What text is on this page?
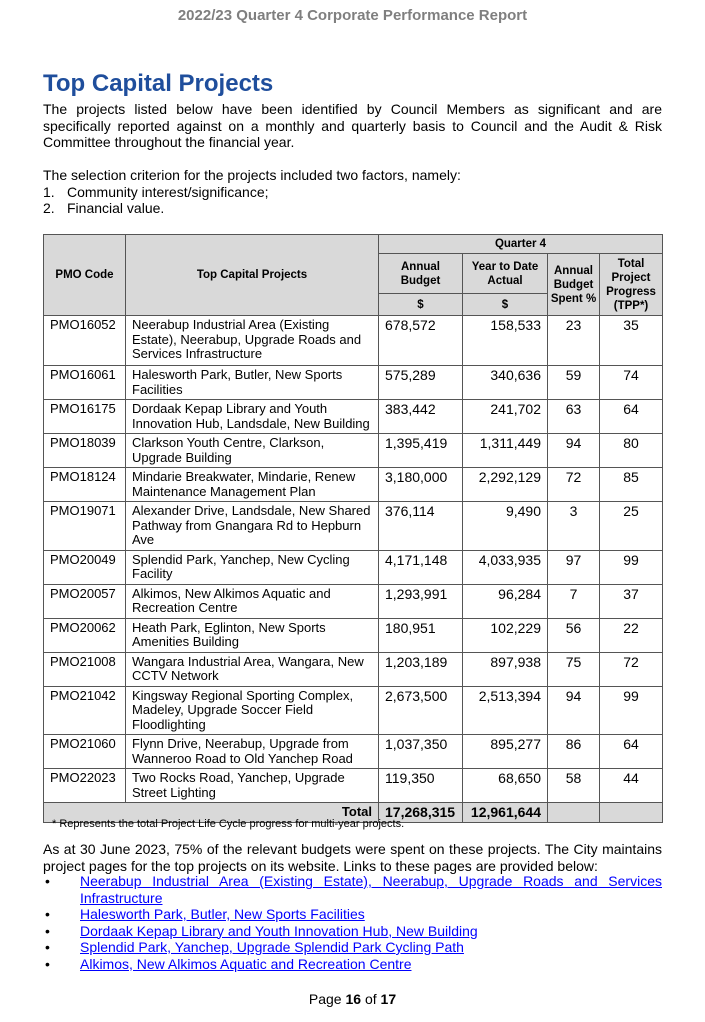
2022/23 Quarter 4 Corporate Performance Report
Top Capital Projects

The projects listed below have been identified by Council Members as significant and are specifically reported against on a monthly and quarterly basis to Council and the Audit & Risk Committee throughout the financial year.

The selection criterion for the projects included two factors, namely:

1. Community interest/significance;
2. Financial value.
PMO Code	Top Capital Projects	Quarter 4			
		Annual Budget	Year to Date Actual	Annual Budget Spent %	Total Project Progress (TPP*)
		$	$		
PMO16052	Neerabup Industrial Area (Existing Estate), Neerabup, Upgrade Roads and Services Infrastructure	678,572	158,533	23	35
PMO16061	Halesworth Park, Butler, New Sports Facilities	575,289	340,636	59	74
PMO16175	Dordaak Kepap Library and Youth Innovation Hub, Landsdale, New Building	383,442	241,702	63	64
PMO18039	Clarkson Youth Centre, Clarkson, Upgrade Building	1,395,419	1,311,449	94	80
PMO18124	Mindarie Breakwater, Mindarie, Renew Maintenance Management Plan	3,180,000	2,292,129	72	85
PMO19071	Alexander Drive, Landsdale, New Shared Pathway from Gnangara Rd to Hepburn Ave	376,114	9,490	3	25
PMO20049	Splendid Park, Yanchep, New Cycling Facility	4,171,148	4,033,935	97	99
PMO20057	Alkimos, New Alkimos Aquatic and Recreation Centre	1,293,991	96,284	7	37
PMO20062	Heath Park, Eglinton, New Sports Amenities Building	180,951	102,229	56	22
PMO21008	Wangara Industrial Area, Wangara, New CCTV Network	1,203,189	897,938	75	72
PMO21042	Kingsway Regional Sporting Complex, Madeley, Upgrade Soccer Field Floodlighting	2,673,500	2,513,394	94	99
PMO21060	Flynn Drive, Neerabup, Upgrade from Wanneroo Road to Old Yanchep Road	1,037,350	895,277	86	64
PMO22023	Two Rocks Road, Yanchep, Upgrade Street Lighting	119,350	68,650	58	44
Total		17,268,315	12,961,644		

* Represents the total Project Life Cycle progress for multi-year projects.

As at 30 June 2023, 75% of the relevant budgets were spent on these projects. The City maintains project pages for the top projects on its website. Links to these pages are provided below:

•	Neerabup Industrial Area (Existing Estate), Neerabup, Upgrade Roads and Services Infrastructure
•	Halesworth Park, Butler, New Sports Facilities
•	Dordaak Kepap Library and Youth Innovation Hub, New Building
•	Splendid Park, Yanchep, Upgrade Splendid Park Cycling Path
•	Alkimos, New Alkimos Aquatic and Recreation Centre
Page 16 of 17
